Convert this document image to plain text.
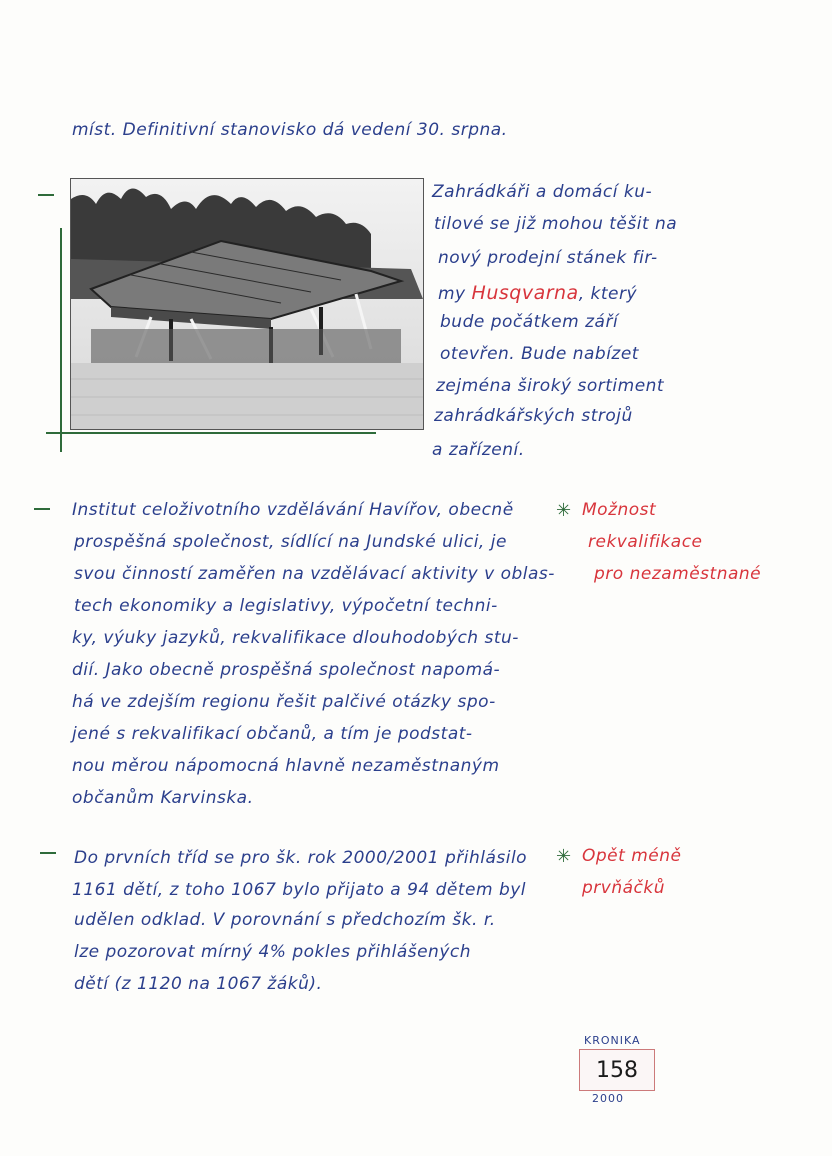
míst. Definitivní stanovisko dá vedení 30. srpna.
Zahrádkáři a domácí ku-
tilové se již mohou těšit na
nový prodejní stánek fir-
my Husqvarna, který
bude počátkem září
otevřen. Bude nabízet
zejména široký sortiment
zahrádkářských strojů
a zařízení.
Institut celoživotního vzdělávání Havířov, obecně
prospěšná společnost, sídlící na Jundské ulici, je
svou činností zaměřen na vzdělávací aktivity v oblas-
tech ekonomiky a legislativy, výpočetní techni-
ky, výuky jazyků, rekvalifikace dlouhodobých stu-
dií. Jako obecně prospěšná společnost napomá-
há ve zdejším regionu řešit palčivé otázky spo-
jené s rekvalifikací občanů, a tím je podstat-
nou měrou nápomocná hlavně nezaměstnaným
občanům Karvinska.
✳ Možnost
rekvalifikace
pro nezaměstnané
Do prvních tříd se pro šk. rok 2000/2001 přihlásilo
1161 dětí, z toho 1067 bylo přijato a 94 dětem byl
udělen odklad. V porovnání s předchozím šk. r.
lze pozorovat mírný 4% pokles přihlášených
dětí (z 1120 na 1067 žáků).
✳ Opět méně
prvňáčků
KRONIKA
158
2000
